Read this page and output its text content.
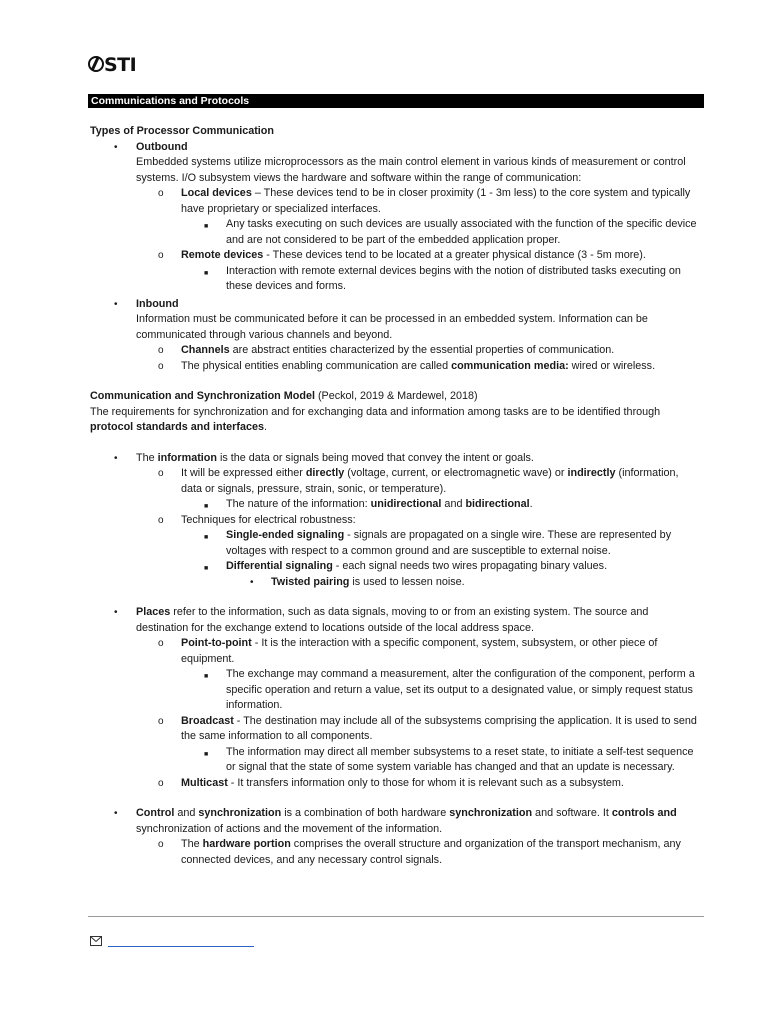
STI
Communications and Protocols
Types of Processor Communication
• Outbound
Embedded systems utilize microprocessors as the main control element in various kinds of measurement or control systems. I/O subsystem views the hardware and software within the range of communication:
o Local devices – These devices tend to be in closer proximity (1 - 3m less) to the core system and typically have proprietary or specialized interfaces.
■ Any tasks executing on such devices are usually associated with the function of the specific device and are not considered to be part of the embedded application proper.
o Remote devices - These devices tend to be located at a greater physical distance (3 - 5m more).
■ Interaction with remote external devices begins with the notion of distributed tasks executing on these devices and forms.
• Inbound
Information must be communicated before it can be processed in an embedded system. Information can be communicated through various channels and beyond.
o Channels are abstract entities characterized by the essential properties of communication.
o The physical entities enabling communication are called communication media: wired or wireless.
Communication and Synchronization Model (Peckol, 2019 & Mardewel, 2018)
The requirements for synchronization and for exchanging data and information among tasks are to be identified through protocol standards and interfaces.
• The information is the data or signals being moved that convey the intent or goals.
o It will be expressed either directly (voltage, current, or electromagnetic wave) or indirectly (information, data or signals, pressure, strain, sonic, or temperature).
■ The nature of the information: unidirectional and bidirectional.
o Techniques for electrical robustness:
■ Single-ended signaling - signals are propagated on a single wire. These are represented by voltages with respect to a common ground and are susceptible to external noise.
■ Differential signaling - each signal needs two wires propagating binary values.
• Twisted pairing is used to lessen noise.
• Places refer to the information, such as data signals, moving to or from an existing system. The source and destination for the exchange extend to locations outside of the local address space.
o Point-to-point - It is the interaction with a specific component, system, subsystem, or other piece of equipment.
■ The exchange may command a measurement, alter the configuration of the component, perform a specific operation and return a value, set its output to a designated value, or simply request status information.
o Broadcast - The destination may include all of the subsystems comprising the application. It is used to send the same information to all components.
■ The information may direct all member subsystems to a reset state, to initiate a self-test sequence or signal that the state of some system variable has changed and that an update is necessary.
o Multicast - It transfers information only to those for whom it is relevant such as a subsystem.
• Control and synchronization is a combination of both hardware synchronization and software. It controls and synchronization of actions and the movement of the information.
o The hardware portion comprises the overall structure and organization of the transport mechanism, any connected devices, and any necessary control signals.
